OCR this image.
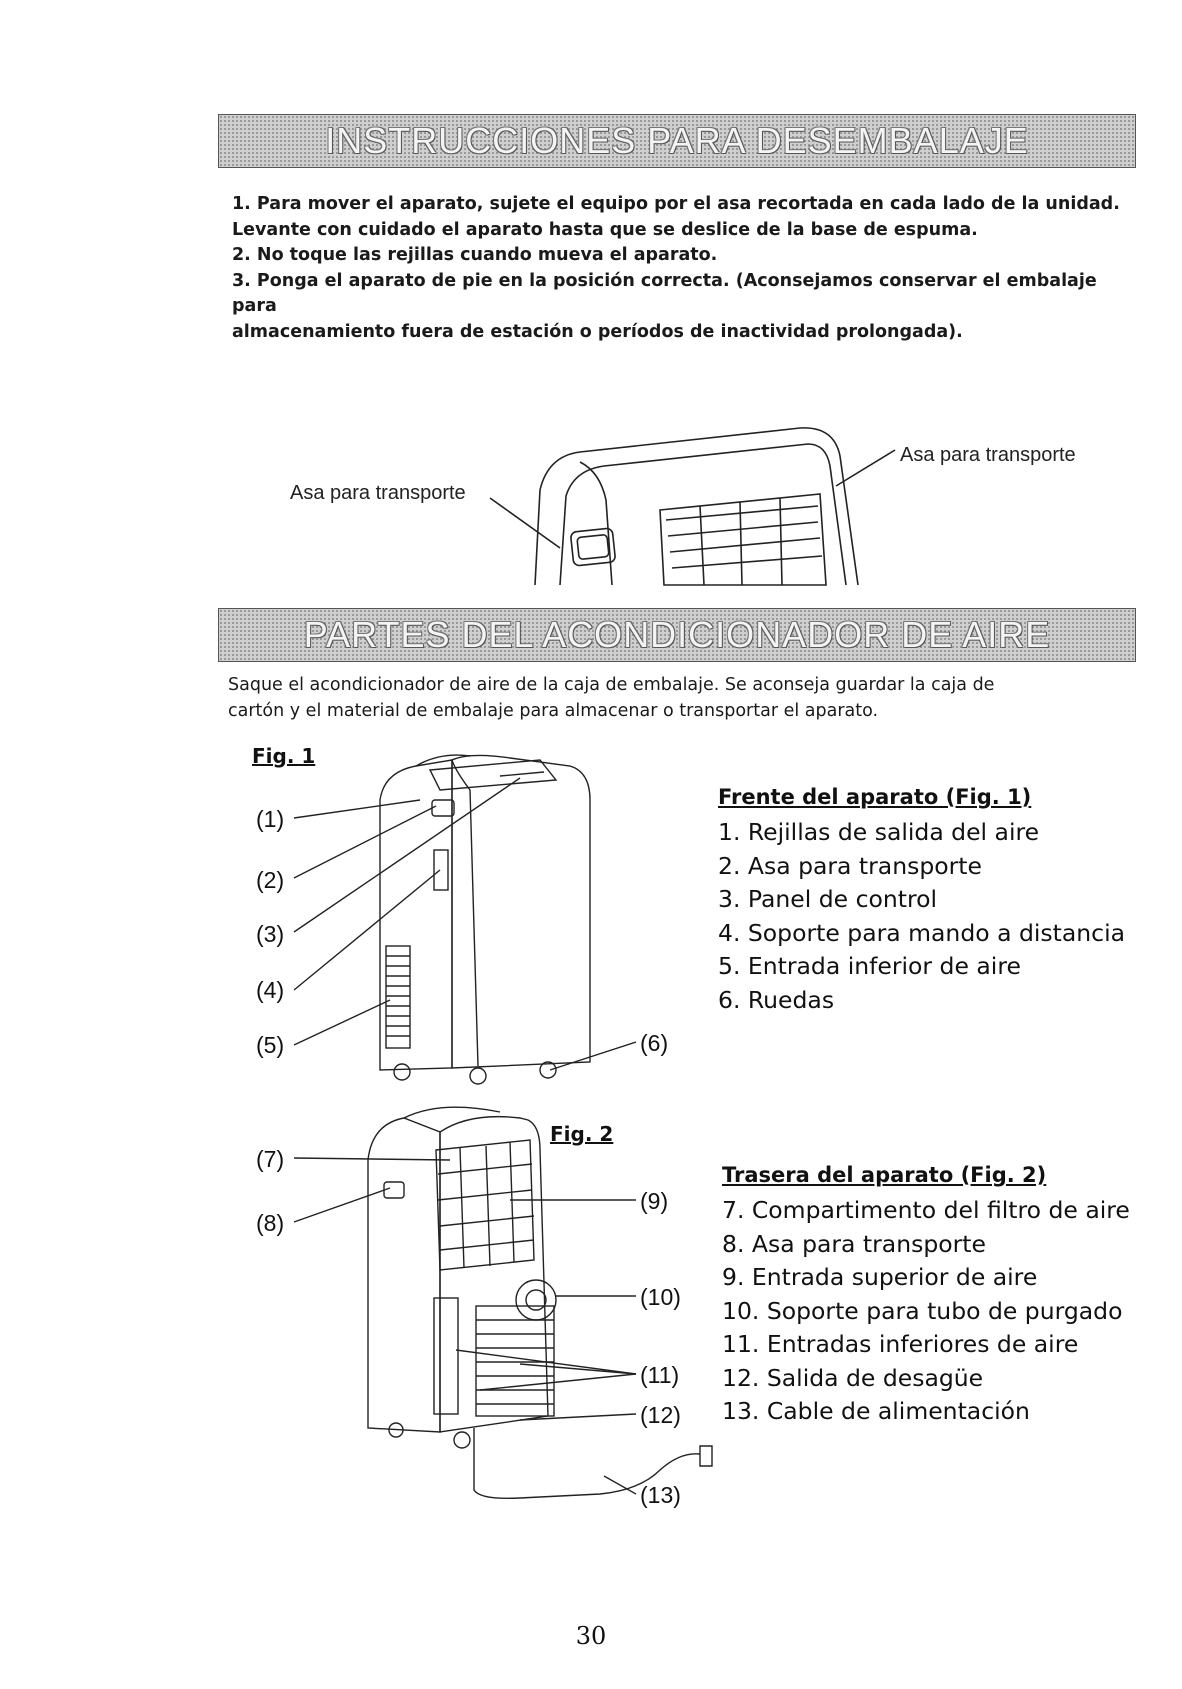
INSTRUCCIONES PARA DESEMBALAJE

1. Para mover el aparato, sujete el equipo por el asa recortada en cada lado de la unidad.

Levante con cuidado el aparato hasta que se deslice de la base de espuma.

2. No toque las rejillas cuando mueva el aparato.

3. Ponga el aparato de pie en la posición correcta. (Aconsejamos conservar el embalaje para

almacenamiento fuera de estación o períodos de inactividad prolongada).

Asa para transporte
Asa para transporte
PARTES DEL ACONDICIONADOR DE AIRE

Saque el acondicionador de aire de la caja de embalaje. Se aconseja guardar la caja de

cartón y el material de embalaje para almacenar o transportar el aparato.

Fig. 1
(1)
(2)
(3)
(4)
(5)	(6)
Frente del aparato (Fig. 1)
1. Rejillas de salida del aire
2. Asa para transporte
3. Panel de control
4. Soporte para mando a distancia
5. Entrada inferior de aire
6. Ruedas
Fig. 2
(7)
(8)
(9)
(10)
(11)
(12)
(13)
Trasera del aparato (Fig. 2)
7. Compartimento del filtro de aire
8. Asa para transporte
9. Entrada superior de aire
10. Soporte para tubo de purgado
11. Entradas inferiores de aire
12. Salida de desagüe
13. Cable de alimentación
30
